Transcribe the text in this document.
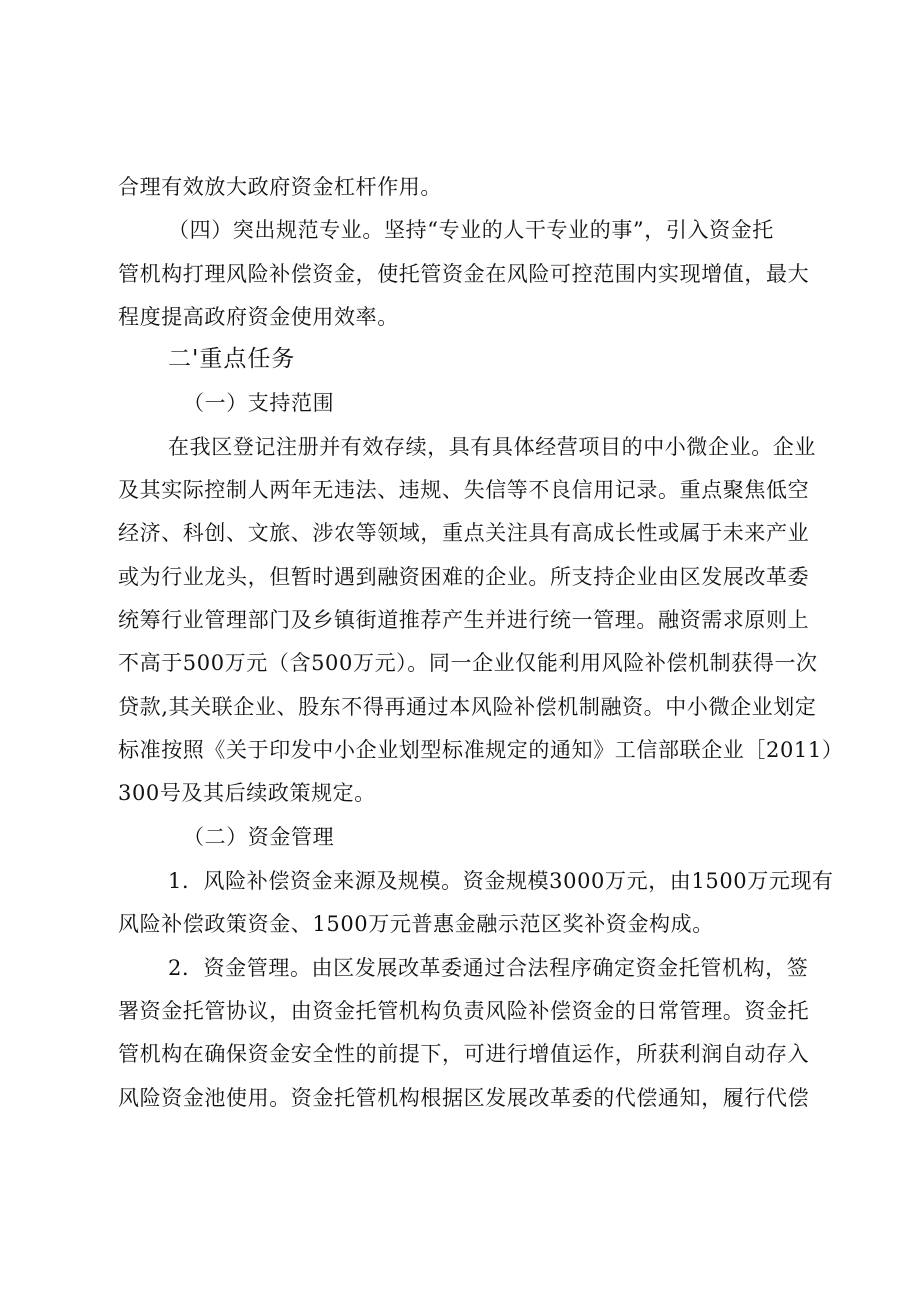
合理有效放大政府资金杠杆作用。
（四）突出规范专业。坚持“专业的人干专业的事”，引入资金托
管机构打理风险补偿资金，使托管资金在风险可控范围内实现增值，最大
程度提高政府资金使用效率。
二'重点任务
（一）支持范围
在我区登记注册并有效存续，具有具体经营项目的中小微企业。企业
及其实际控制人两年无违法、违规、失信等不良信用记录。重点聚焦低空
经济、科创、文旅、涉农等领域，重点关注具有高成长性或属于未来产业
或为行业龙头，但暂时遇到融资困难的企业。所支持企业由区发展改革委
统筹行业管理部门及乡镇街道推荐产生并进行统一管理。融资需求原则上
不高于500万元（含500万元）。同一企业仅能利用风险补偿机制获得一次
贷款,其关联企业、股东不得再通过本风险补偿机制融资。中小微企业划定
标准按照《关于印发中小企业划型标准规定的通知》工信部联企业［2011）
300号及其后续政策规定。
（二）资金管理
1．风险补偿资金来源及规模。资金规模3000万元，由1500万元现有
风险补偿政策资金、1500万元普惠金融示范区奖补资金构成。
2．资金管理。由区发展改革委通过合法程序确定资金托管机构，签
署资金托管协议，由资金托管机构负责风险补偿资金的日常管理。资金托
管机构在确保资金安全性的前提下，可进行增值运作，所获利润自动存入
风险资金池使用。资金托管机构根据区发展改革委的代偿通知，履行代偿
